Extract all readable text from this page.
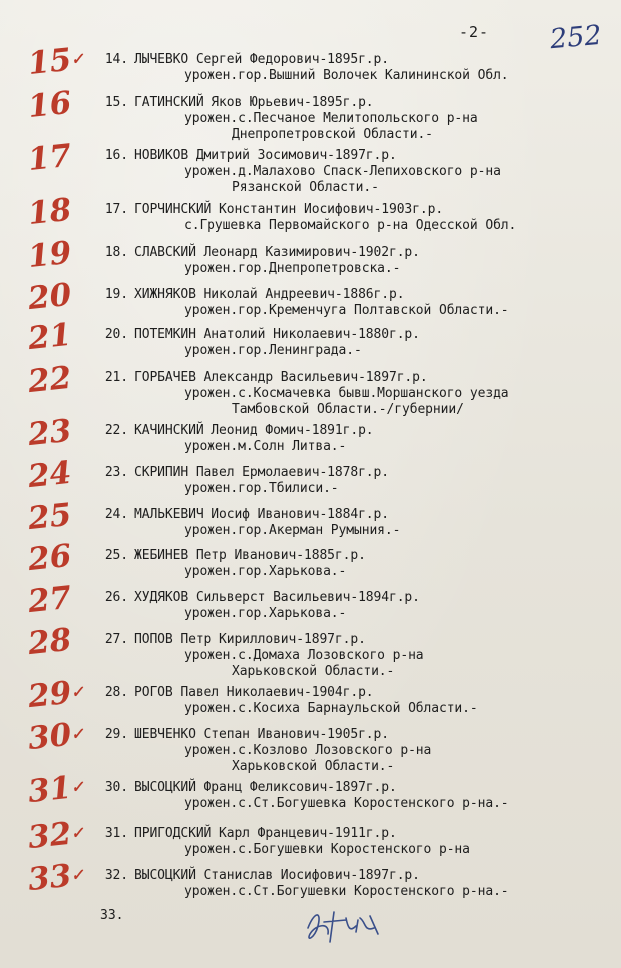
-2- 252
15✓	14. ЛЫЧЕВКО Сергей Федорович-1895г.р.
урожен.гор.Вышний Волочек Калининской Обл.
16	15. ГАТИНСКИЙ Яков Юрьевич-1895г.р.
урожен.с.Песчаное Мелитопольского р-на
Днепропетровской Области.-
17	16. НОВИКОВ Дмитрий Зосимович-1897г.р.
урожен.д.Малахово Спаск-Лепиховского р-на
Рязанской Области.-
18	17. ГОРЧИНСКИЙ Константин Иосифович-1903г.р.
с.Грушевка Первомайского р-на Одесской Обл.
19	18. СЛАВСКИЙ Леонард Казимирович-1902г.р.
урожен.гор.Днепропетровска.-
20	19. ХИЖНЯКОВ Николай Андреевич-1886г.р.
урожен.гор.Кременчуга Полтавской Области.-
21	20. ПОТЕМКИН Анатолий Николаевич-1880г.р.
урожен.гор.Ленинграда.-
22	21. ГОРБАЧЕВ Александр Васильевич-1897г.р.
урожен.с.Космачевка бывш.Моршанского уезда
Тамбовской Области.-/губернии/
23	22. КАЧИНСКИЙ Леонид Фомич-1891г.р.
урожен.м.Солн Литва.-
24	23. СКРИПИН Павел Ермолаевич-1878г.р.
урожен.гор.Тбилиси.-
25	24. МАЛЬКЕВИЧ Иосиф Иванович-1884г.р.
урожен.гор.Акерман Румыния.-
26	25. ЖЕБИНЕВ Петр Иванович-1885г.р.
урожен.гор.Харькова.-
27	26. ХУДЯКОВ Сильверст Васильевич-1894г.р.
урожен.гор.Харькова.-
28	27. ПОПОВ Петр Кириллович-1897г.р.
урожен.с.Домаха Лозовского р-на
Харьковской Области.-
29✓	28. РОГОВ Павел Николаевич-1904г.р.
урожен.с.Косиха Барнаульской Области.-
30✓	29. ШЕВЧЕНКО Степан Иванович-1905г.р.
урожен.с.Козлово Лозовского р-на
Харьковской Области.-
31✓	30. ВЫСОЦКИЙ Франц Феликсович-1897г.р.
урожен.с.Ст.Богушевка Коростенского р-на.-
32✓	31. ПРИГОДСКИЙ Карл Францевич-1911г.р.
урожен.с.Богушевки Коростенского р-на
33✓	32. ВЫСОЦКИЙ Станислав Иосифович-1897г.р.
урожен.с.Ст.Богушевки Коростенского р-на.-
33.
